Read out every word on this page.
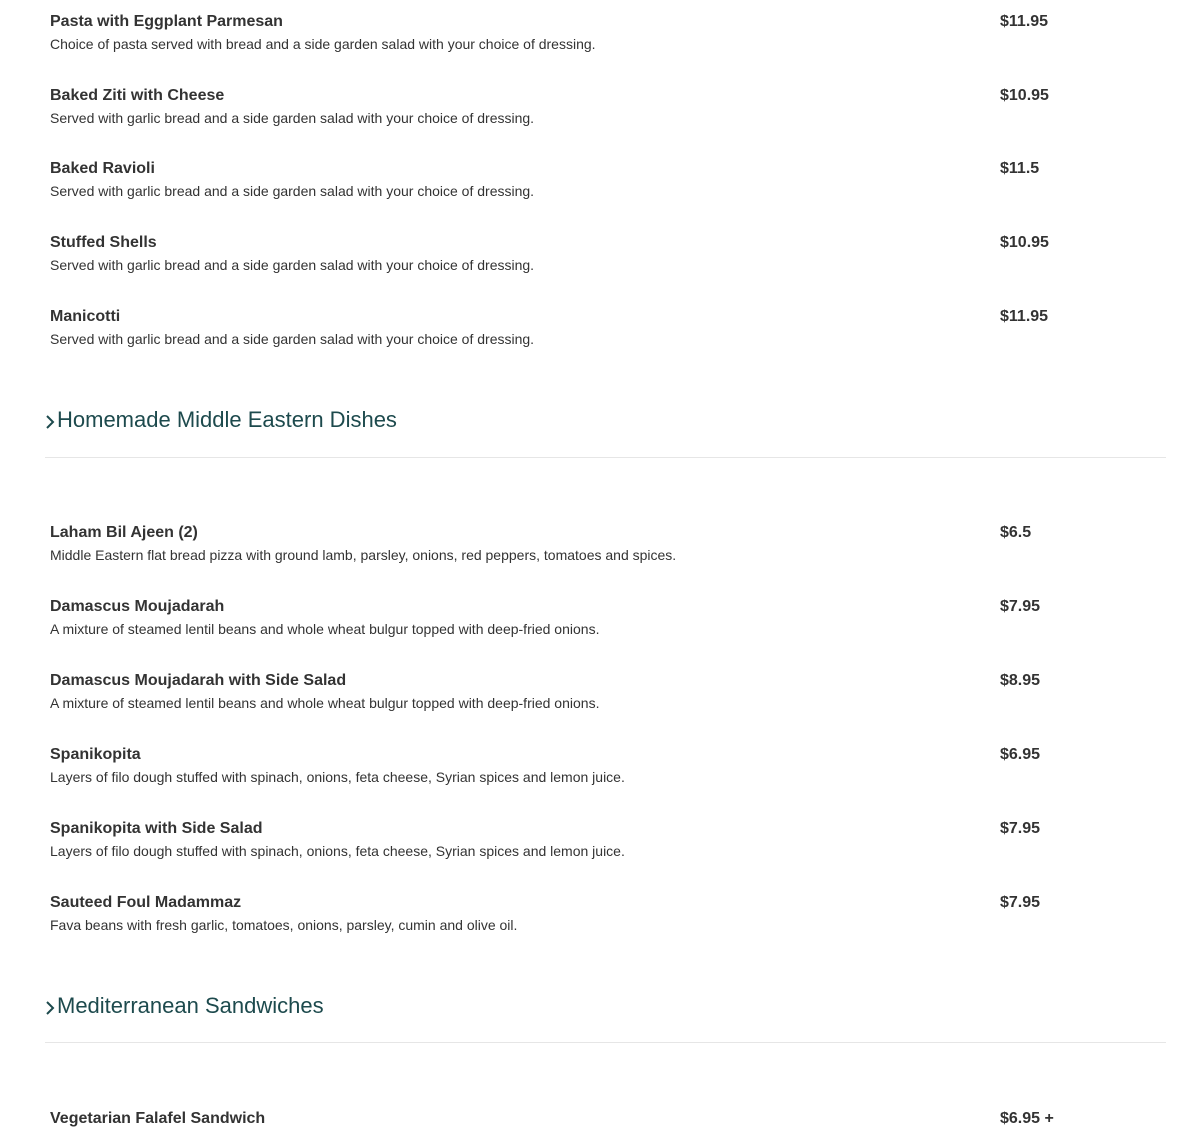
Pasta with Eggplant Parmesan
Choice of pasta served with bread and a side garden salad with your choice of dressing.
$11.95
Baked Ziti with Cheese
Served with garlic bread and a side garden salad with your choice of dressing.
$10.95
Baked Ravioli
Served with garlic bread and a side garden salad with your choice of dressing.
$11.5
Stuffed Shells
Served with garlic bread and a side garden salad with your choice of dressing.
$10.95
Manicotti
Served with garlic bread and a side garden salad with your choice of dressing.
$11.95
Homemade Middle Eastern Dishes
Laham Bil Ajeen (2)
Middle Eastern flat bread pizza with ground lamb, parsley, onions, red peppers, tomatoes and spices.
$6.5
Damascus Moujadarah
A mixture of steamed lentil beans and whole wheat bulgur topped with deep-fried onions.
$7.95
Damascus Moujadarah with Side Salad
A mixture of steamed lentil beans and whole wheat bulgur topped with deep-fried onions.
$8.95
Spanikopita
Layers of filo dough stuffed with spinach, onions, feta cheese, Syrian spices and lemon juice.
$6.95
Spanikopita with Side Salad
Layers of filo dough stuffed with spinach, onions, feta cheese, Syrian spices and lemon juice.
$7.95
Sauteed Foul Madammaz
Fava beans with fresh garlic, tomatoes, onions, parsley, cumin and olive oil.
$7.95
Mediterranean Sandwiches
Vegetarian Falafel Sandwich	$6.95 +
